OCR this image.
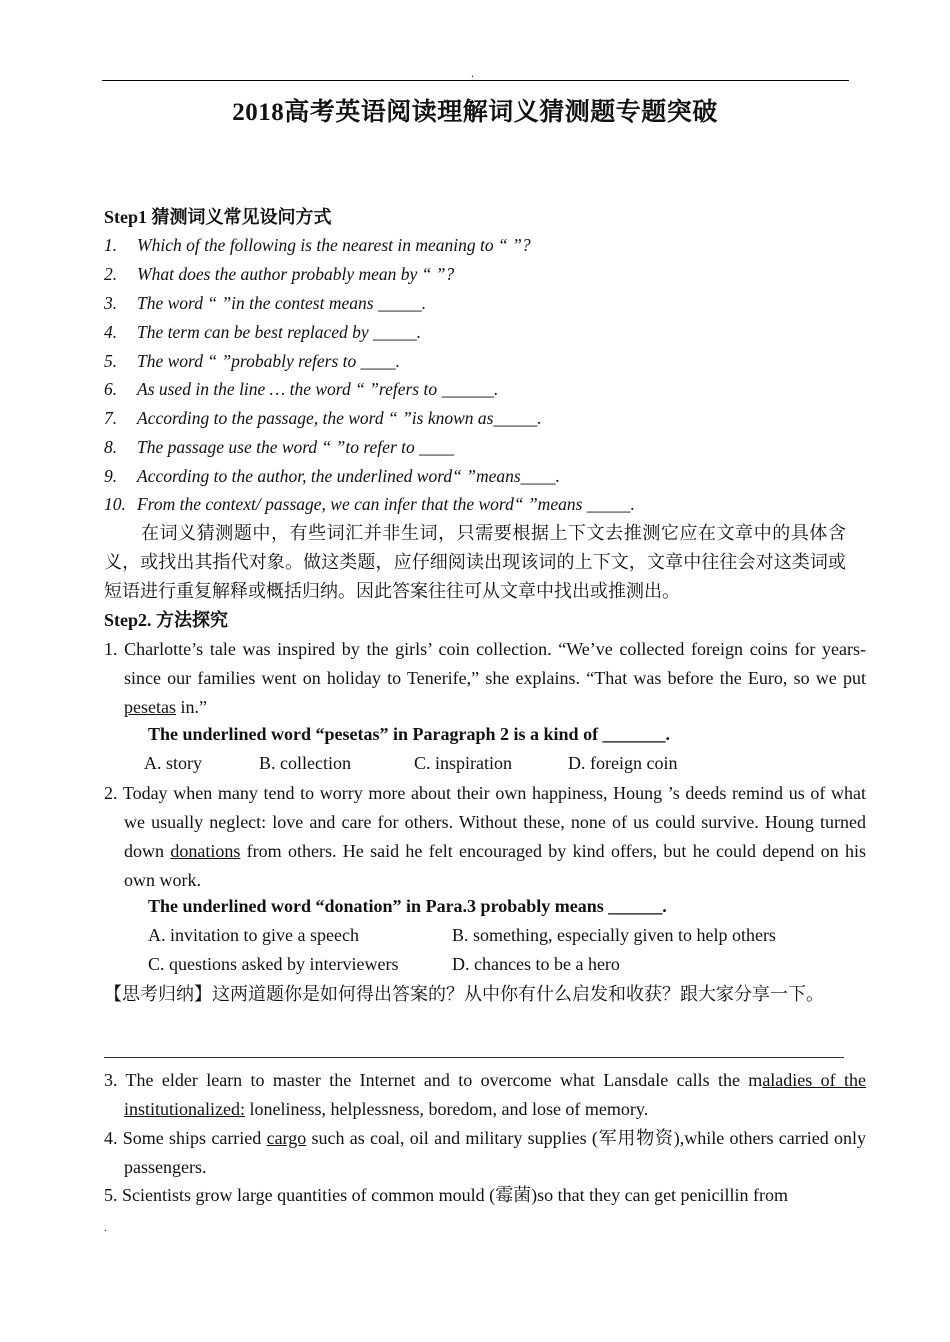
.
2018高考英语阅读理解词义猜测题专题突破
Step1 猜测词义常见设问方式
1. Which of the following is the nearest in meaning to “ ”?
2. What does the author probably mean by “ ”?
3. The word “ ”in the contest means _____.
4. The term can be best replaced by _____.
5. The word “ ”probably refers to ____.
6. As used in the line … the word “ ”refers to ______.
7. According to the passage, the word “ ”is known as_____.
8. The passage use the word “ ”to refer to ____
9. According to the author, the underlined word“ ”means____.
10. From the context/ passage, we can infer that the word“ ”means _____.
在词义猜测题中，有些词汇并非生词，只需要根据上下文去推测它应在文章中的具体含义，或找出其指代对象。做这类题，应仔细阅读出现该词的上下文，文章中往往会对这类词或短语进行重复解释或概括归纳。因此答案往往可从文章中找出或推测出。
Step2. 方法探究
1. Charlotte’s tale was inspired by the girls’ coin collection. “We’ve collected foreign coins for years-since our families went on holiday to Tenerife,” she explains. “That was before the Euro, so we put pesetas in.”
The underlined word “pesetas” in Paragraph 2 is a kind of _______.
A. story	B. collection	C. inspiration	D. foreign coin
2. Today when many tend to worry more about their own happiness, Houng ’s deeds remind us of what we usually neglect: love and care for others. Without these, none of us could survive. Houng turned down donations from others. He said he felt encouraged by kind offers, but he could depend on his own work.
The underlined word “donation” in Para.3 probably means ______.
A. invitation to give a speech	B. something, especially given to help others
C. questions asked by interviewers	D. chances to be a hero
【思考归纳】这两道题你是如何得出答案的？从中你有什么启发和收获？跟大家分享一下。
3. The elder learn to master the Internet and to overcome what Lansdale calls the maladies of the institutionalized: loneliness, helplessness, boredom, and lose of memory.
4. Some ships carried cargo such as coal, oil and military supplies (军用物资),while others carried only passengers.
5. Scientists grow large quantities of common mould (霉菌)so that they can get penicillin from
.
